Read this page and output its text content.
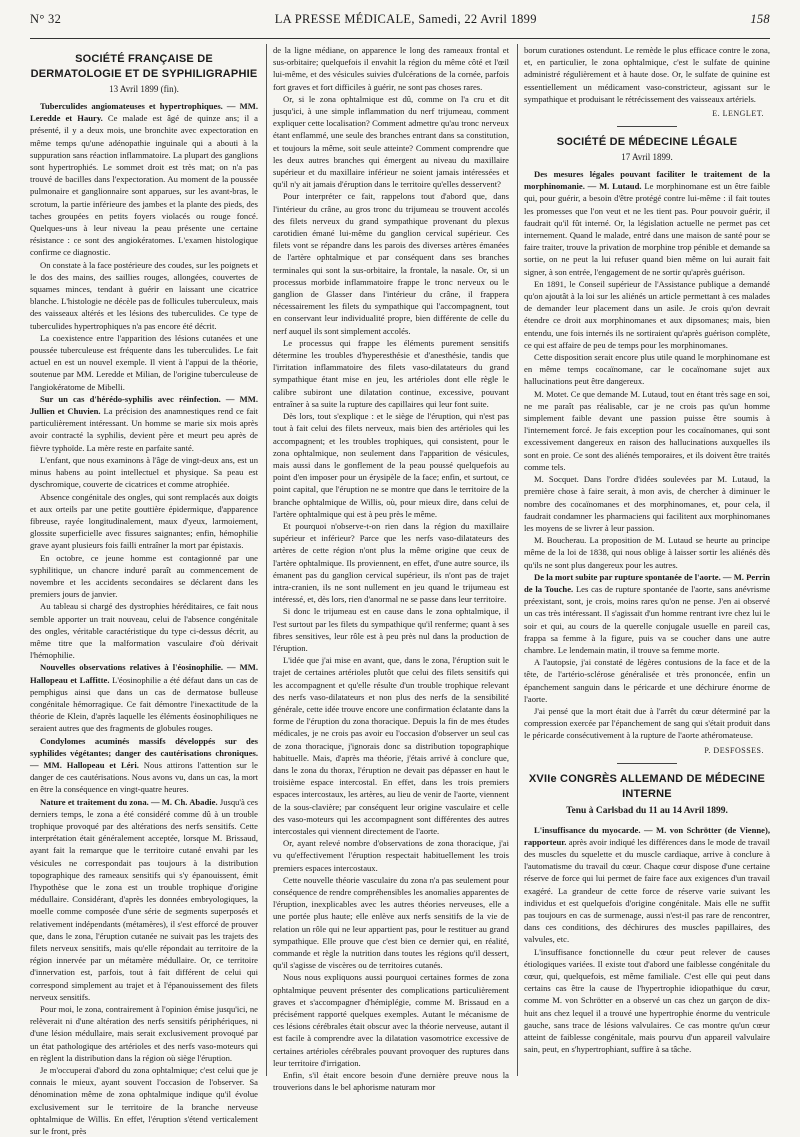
N° 32	LA PRESSE MÉDICALE, Samedi, 22 Avril 1899	158
SOCIÉTÉ FRANÇAISE DE DERMATOLOGIE ET DE SYPHILIGRAPHIE
13 Avril 1899 (fin).

Tuberculides angiomateuses et hypertrophiques. — MM. Leredde et Haury. Ce malade est âgé de quinze ans; il a présenté, il y a deux mois, une bronchite avec expectoration en même temps qu'une adénopathie inguinale qui a abouti à la suppuration sans réaction inflammatoire. La plupart des ganglions sont hypertrophiés. Le sommet droit est très mat; on n'a pas trouvé de bacilles dans l'expectoration. Au moment de la poussée pulmonaire et ganglionnaire sont apparues, sur les avant-bras, le scrotum, la partie inférieure des jambes et la plante des pieds, des taches groupées en petits foyers violacés ou rouge foncé. Quelques-uns à leur niveau la peau présente une certaine résistance : ce sont des angiokératomes. L'examen histologique confirme ce diagnostic.

On constate à la face postérieure des coudes, sur les poignets et le dos des mains, des saillies rouges, allongées, couvertes de squames minces, tendant à guérir en laissant une cicatrice blanche. L'histologie ne décèle pas de follicules tuberculeux, mais des vaisseaux altérés et les lésions des tuberculides. Ce type de tuberculides hypertrophiques n'a pas encore été décrit.

La coexistence entre l'apparition des lésions cutanées et une poussée tuberculeuse est fréquente dans les tuberculides. Le fait actuel en est un nouvel exemple. Il vient à l'appui de la théorie, soutenue par MM. Leredde et Milian, de l'origine tuberculeuse de l'angiokératome de Mibelli.

Sur un cas d'hérédo-syphilis avec réinfection. — MM. Jullien et Chuvien. La précision des anamnestiques rend ce fait particulièrement intéressant. Un homme se marie six mois après avoir contracté la syphilis, devient père et meurt peu après de fièvre typhoïde. La mère reste en parfaite santé.

L'enfant, que nous examinons à l'âge de vingt-deux ans, est un minus habens au point intellectuel et physique. Sa peau est dyschromique, couverte de cicatrices et comme atrophiée.

Absence congénitale des ongles, qui sont remplacés aux doigts et aux orteils par une petite gouttière épidermique, d'apparence fibreuse, rayée longitudinalement, maux d'yeux, larmoiement, glossite superficielle avec fissures saignantes; enfin, hémophilie grave ayant plusieurs fois failli entraîner la mort par épistaxis.

En octobre, ce jeune homme est contagionné par une syphilitique, un chancre induré paraît au commencement de novembre et les accidents secondaires se déclarent dans les premiers jours de janvier.

Au tableau si chargé des dystrophies héréditaires, ce fait nous semble apporter un trait nouveau, celui de l'absence congénitale des ongles, véritable caractéristique du type ci-dessus décrit, au même titre que la malformation vasculaire d'où dérivait l'hémophilie.

Nouvelles observations relatives à l'éosinophilie. — MM. Hallopeau et Laffitte. L'éosinophilie a été défaut dans un cas de pemphigus ainsi que dans un cas de dermatose bulleuse congénitale hémorragique. Ce fait démontre l'inexactitude de la théorie de Klein, d'après laquelle les éléments éosinophiliques ne seraient autres que des fragments de globules rouges.

Condylomes acuminés massifs développés sur des syphilides végétantes; danger des cautérisations chroniques. — MM. Hallopeau et Léri. Nous attirons l'attention sur le danger de ces cautérisations. Nous avons vu, dans un cas, la mort en être la conséquence en vingt-quatre heures.

Nature et traitement du zona. — M. Ch. Abadie. Jusqu'à ces derniers temps, le zona a été considéré comme dû à un trouble trophique provoqué par des altérations des nerfs sensitifs. Cette interprétation était généralement acceptée, lorsque M. Brissaud, ayant fait la remarque que le territoire cutané envahi par les vésicules ne correspondait pas toujours à la distribution topographique des rameaux sensitifs qui s'y épanouissent, émit l'hypothèse que le zona est un trouble trophique d'origine médullaire. Considérant, d'après les données embryologiques, la moelle comme composée d'une série de segments superposés et relativement indépendants (métamères), il s'est efforcé de prouver que, dans le zona, l'éruption cutanée ne suivait pas les trajets des filets nerveux sensitifs, mais qu'elle répondait au territoire de la région innervée par un métamère médullaire. Or, ce territoire d'innervation est, parfois, tout à fait différent de celui qui correspond simplement au trajet et à l'épanouissement des filets nerveux sensitifs.

Pour moi, le zona, contrairement à l'opinion émise jusqu'ici, ne relèverait ni d'une altération des nerfs sensitifs périphériques, ni d'une lésion médullaire, mais serait exclusivement provoqué par un état pathologique des artérioles et des nerfs vaso-moteurs qui en règlent la distribution dans la région où siège l'éruption.

Je m'occuperai d'abord du zona ophtalmique; c'est celui que je connais le mieux, ayant souvent l'occasion de l'observer. Sa dénomination même de zona ophtalmique indique qu'il évolue exclusivement sur le territoire de la branche nerveuse ophtalmique de Willis. En effet, l'éruption s'étend verticalement sur le front, près

de la ligne médiane, on apparence le long des rameaux frontal et sus-orbitaire; quelquefois il envahit la région du même côté et l'œil lui-même, et des vésicules suivies d'ulcérations de la cornée, parfois fort graves et fort difficiles à guérir, ne sont pas choses rares.

Or, si le zona ophtalmique est dû, comme on l'a cru et dit jusqu'ici, à une simple inflammation du nerf trijumeau, comment expliquer cette localisation? Comment admettre qu'au tronc nerveux étant enflammé, une seule des branches entrant dans sa constitution, et toujours la même, soit seule atteinte? Comment comprendre que les deux autres branches qui émergent au niveau du maxillaire supérieur et du maxillaire inférieur ne soient jamais intéressées et qu'il n'y ait jamais d'éruption dans le territoire qu'elles desservent?

Pour interpréter ce fait, rappelons tout d'abord que, dans l'intérieur du crâne, au gros tronc du trijumeau se trouvent accolés des filets nerveux du grand sympathique provenant du plexus carotidien émané lui-même du ganglion cervical supérieur. Ces filets vont se répandre dans les parois des diverses artères émanées de l'artère ophtalmique et par conséquent dans ses branches terminales qui sont la sus-orbitaire, la frontale, la nasale. Or, si un processus morbide inflammatoire frappe le tronc nerveux ou le ganglion de Glasser dans l'intérieur du crâne, il frappera nécessairement les filets du sympathique qui l'accompagnent, tout en conservant leur individualité propre, bien différente de celle du nerf auquel ils sont simplement accolés.

Le processus qui frappe les éléments purement sensitifs détermine les troubles d'hyperesthésie et d'anesthésie, tandis que l'irritation inflammatoire des filets vaso-dilatateurs du grand sympathique étant mise en jeu, les artérioles dont elle règle le calibre subiront une dilatation continue, excessive, pouvant entraîner à sa suite la rupture des capillaires qui leur font suite.

Dès lors, tout s'explique : et le siège de l'éruption, qui n'est pas tout à fait celui des filets nerveux, mais bien des artérioles qui les accompagnent; et les troubles trophiques, qui consistent, pour le zona ophtalmique, non seulement dans l'apparition de vésicules, mais aussi dans le gonflement de la peau poussé quelquefois au point d'en imposer pour un érysipèle de la face; enfin, et surtout, ce point capital, que l'éruption ne se montre que dans le territoire de la branche ophtalmique de Willis, où, pour mieux dire, dans celui de l'artère ophtalmique qui est à peu près le même.

Et pourquoi n'observe-t-on rien dans la région du maxillaire supérieur et inférieur? Parce que les nerfs vaso-dilatateurs des artères de cette région n'ont plus la même origine que ceux de l'artère ophtalmique. Ils proviennent, en effet, d'une autre source, ils émanent pas du ganglion cervical supérieur, ils n'ont pas de trajet intra-cranien, ils ne sont nullement en jeu quand le trijumeau est intéressé, et, dès lors, rien d'anormal ne se passe dans leur territoire.

Si donc le trijumeau est en cause dans le zona ophtalmique, il l'est surtout par les filets du sympathique qu'il renferme; quant à ses fibres sensitives, leur rôle est à peu près nul dans la production de l'éruption.

L'idée que j'ai mise en avant, que, dans le zona, l'éruption suit le trajet de certaines artérioles plutôt que celui des filets sensitifs qui les accompagnent et qu'elle résulte d'un trouble trophique relevant des nerfs vaso-dilatateurs et non plus des nerfs de la sensibilité générale, cette idée trouve encore une confirmation éclatante dans la forme de l'éruption du zona thoracique. Depuis la fin de mes études médicales, je ne crois pas avoir eu l'occasion d'observer un seul cas de zona thoracique, j'ignorais donc sa distribution topographique habituelle. Mais, d'après ma théorie, j'étais arrivé à conclure que, dans le zona du thorax, l'éruption ne devait pas dépasser en haut le troisième espace intercostal. En effet, dans les trois premiers espaces intercostaux, les artères, au lieu de venir de l'aorte, viennent de la sous-clavière; par conséquent leur origine vasculaire et celle des vaso-moteurs qui les accompagnent sont différentes des autres intercostales qui viennent directement de l'aorte.

Or, ayant relevé nombre d'observations de zona thoracique, j'ai vu qu'effectivement l'éruption respectait habituellement les trois premiers espaces intercostaux.

Cette nouvelle théorie vasculaire du zona n'a pas seulement pour conséquence de rendre compréhensibles les anomalies apparentes de l'éruption, inexplicables avec les autres théories nerveuses, elle a une portée plus haute; elle enlève aux nerfs sensitifs de la vie de relation un rôle qui ne leur appartient pas, pour le restituer au grand sympathique. Elle prouve que c'est bien ce dernier qui, en réalité, commande et règle la nutrition dans toutes les régions qu'il dessert, qu'il s'agisse de viscères ou de territoires cutanés.

Nous nous expliquons aussi pourquoi certaines formes de zona ophtalmique peuvent présenter des complications particulièrement graves et s'accompagner d'hémiplégie, comme M. Brissaud en a précisément rapporté quelques exemples. Autant le mécanisme de ces lésions cérébrales était obscur avec la théorie nerveuse, autant il est facile à comprendre avec la dilatation vasomotrice excessive de certaines artérioles cérébrales pouvant provoquer des ruptures dans leur territoire d'irrigation.

Enfin, s'il était encore besoin d'une dernière preuve nous la trouverions dans le bel aphorisme naturam mor

borum curationes ostendunt. Le remède le plus efficace contre le zona, et, en particulier, le zona ophtalmique, c'est le sulfate de quinine administré régulièrement et à haute dose. Or, le sulfate de quinine est essentiellement un médicament vaso-constricteur, agissant sur le sympathique et produisant le rétrécissement des vaisseaux artériels.

E. LENGLET.
SOCIÉTÉ DE MÉDECINE LÉGALE
17 Avril 1899.

Des mesures légales pouvant faciliter le traitement de la morphinomanie. — M. Lutaud. Le morphinomane est un être faible qui, pour guérir, a besoin d'être protégé contre lui-même : il fait toutes les promesses que l'on veut et ne les tient pas. Pour pouvoir guérir, il faudrait qu'il fût interné. Or, la législation actuelle ne permet pas cet internement. Quand le malade, entré dans une maison de santé pour se faire traiter, trouve la privation de morphine trop pénible et demande sa sortie, on ne peut la lui refuser quand bien même on lui aurait fait signer, à son entrée, l'engagement de ne sortir qu'après guérison.

En 1891, le Conseil supérieur de l'Assistance publique a demandé qu'on ajoutât à la loi sur les aliénés un article permettant à ces malades de demander leur placement dans un asile. Je crois qu'on devrait étendre ce droit aux morphinomanes et aux dipsomanes; mais, bien entendu, une fois internés ils ne sortiraient qu'après guérison complète, ce qui est affaire de peu de temps pour les morphinomanes.

Cette disposition serait encore plus utile quand le morphinomane est en même temps cocaïnomane, car le cocaïnomane sujet aux hallucinations peut être dangereux.

M. Motet. Ce que demande M. Lutaud, tout en étant très sage en soi, ne me paraît pas réalisable, car je ne crois pas qu'un homme simplement faible devant une passion puisse être soumis à l'internement forcé. Je fais exception pour les cocaïnomanes, qui sont excessivement dangereux en raison des hallucinations auxquelles ils sont en proie. Ce sont des aliénés temporaires, et ils doivent être traités comme tels.

M. Socquet. Dans l'ordre d'idées soulevées par M. Lutaud, la première chose à faire serait, à mon avis, de chercher à diminuer le nombre des cocaïnomanes et des morphinomanes, et, pour cela, il faudrait condamner les pharmaciens qui facilitent aux morphinomanes les moyens de se livrer à leur passion.

M. Boucherau. La proposition de M. Lutaud se heurte au principe même de la loi de 1838, qui nous oblige à laisser sortir les aliénés dès qu'ils ne sont plus dangereux pour les autres.

De la mort subite par rupture spontanée de l'aorte. — M. Perrin de la Touche. Les cas de rupture spontanée de l'aorte, sans anévrisme préexistant, sont, je crois, moins rares qu'on ne pense. J'en ai observé un cas très intéressant. Il s'agissait d'un homme rentrant ivre chez lui le soir et qui, au cours de la querelle conjugale usuelle en pareil cas, frappa sa femme à la figure, puis va se coucher dans une autre chambre. Le lendemain matin, il trouve sa femme morte.

A l'autopsie, j'ai constaté de légères contusions de la face et de la tête, de l'artério-sclérose généralisée et très prononcée, enfin un épanchement sanguin dans le péricarde et une déchirure énorme de l'aorte.

J'ai pensé que la mort était due à l'arrêt du cœur déterminé par la compression exercée par l'épanchement de sang qui s'était produit dans le péricarde consécutivement à la rupture de l'aorte athéromateuse.

P. DESFOSSES.
XVIIe CONGRÈS ALLEMAND DE MÉDECINE INTERNE
Tenu à Carlsbad du 11 au 14 Avril 1899.

L'insuffisance du myocarde. — M. von Schrötter (de Vienne), rapporteur. après avoir indiqué les différences dans le mode de travail des muscles du squelette et du muscle cardiaque, arrive à conclure à l'automatisme du travail du cœur. Chaque cœur dispose d'une certaine réserve de force qui lui permet de faire face aux exigences d'un travail exagéré. La grandeur de cette force de réserve varie suivant les individus et est quelquefois d'origine congénitale. Mais elle ne suffit pas toujours en cas de surmenage, aussi n'est-il pas rare de rencontrer, dans ces conditions, des déchirures des muscles papillaires, des valvules, etc.

L'insuffisance fonctionnelle du cœur peut relever de causes étiologiques variées. Il existe tout d'abord une faiblesse congénitale du cœur, qui, quelquefois, est même familiale. C'est elle qui peut dans certains cas être la cause de l'hypertrophie idiopathique du cœur, comme M. von Schrötter en a observé un cas chez un garçon de dix-huit ans chez lequel il a trouvé une hypertrophie énorme du ventricule gauche, sans trace de lésions valvulaires. Ce cas montre qu'un cœur atteint de faiblesse congénitale, mais pourvu d'un appareil valvulaire sain, peut, en s'hypertrophiant, suffire à sa tâche.
